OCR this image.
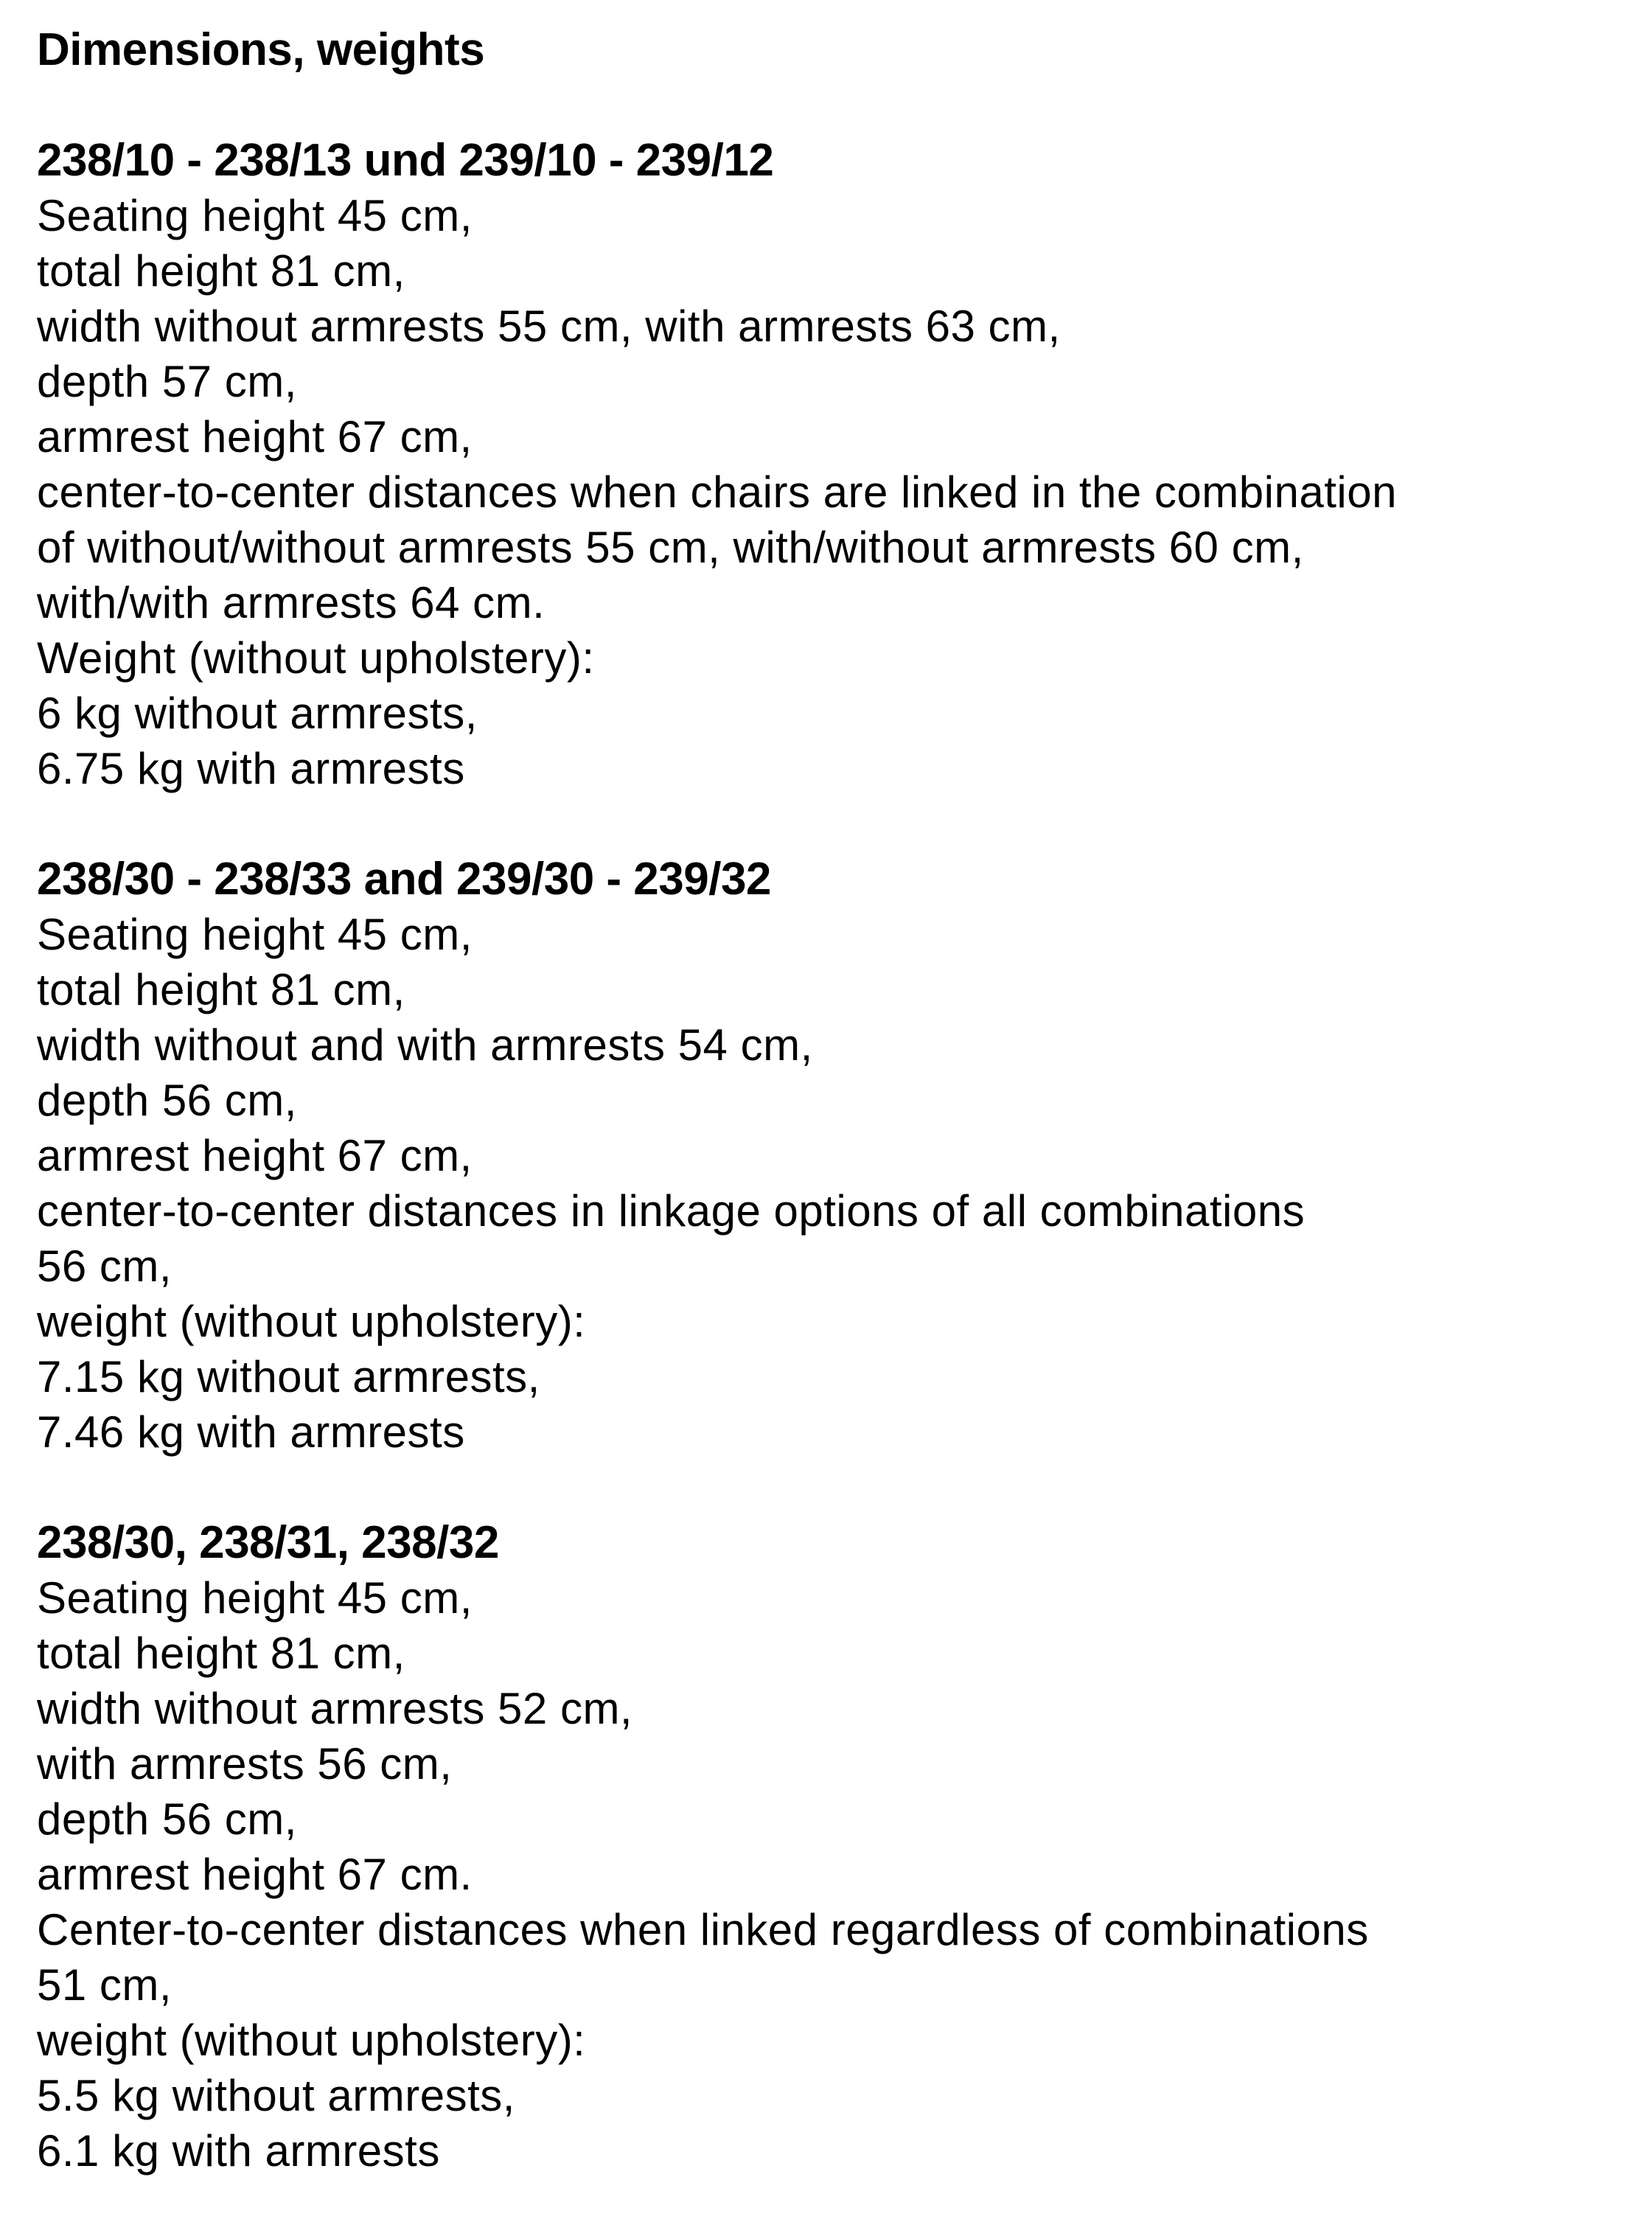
Dimensions, weights
238/10 - 238/13 und 239/10 - 239/12

Seating height 45 cm,

total height 81 cm,

width without armrests 55 cm, with armrests 63 cm,

depth 57 cm,

armrest height 67 cm,

center-to-center distances when chairs are linked in the combination

of without/without armrests 55 cm, with/without armrests 60 cm,

with/with armrests 64 cm.

Weight (without upholstery):

6 kg without armrests,

6.75 kg with armrests

238/30 - 238/33 and 239/30 - 239/32

Seating height 45 cm,

total height 81 cm,

width without and with armrests 54 cm,

depth 56 cm,

armrest height 67 cm,

center-to-center distances in linkage options of all combinations

56 cm,

weight (without upholstery):

7.15 kg without armrests,

7.46 kg with armrests

238/30, 238/31, 238/32

Seating height 45 cm,

total height 81 cm,

width without armrests 52 cm,

with armrests 56 cm,

depth 56 cm,

armrest height 67 cm.

Center-to-center distances when linked regardless of combinations

51 cm,

weight (without upholstery):

5.5 kg without armrests,

6.1 kg with armrests
